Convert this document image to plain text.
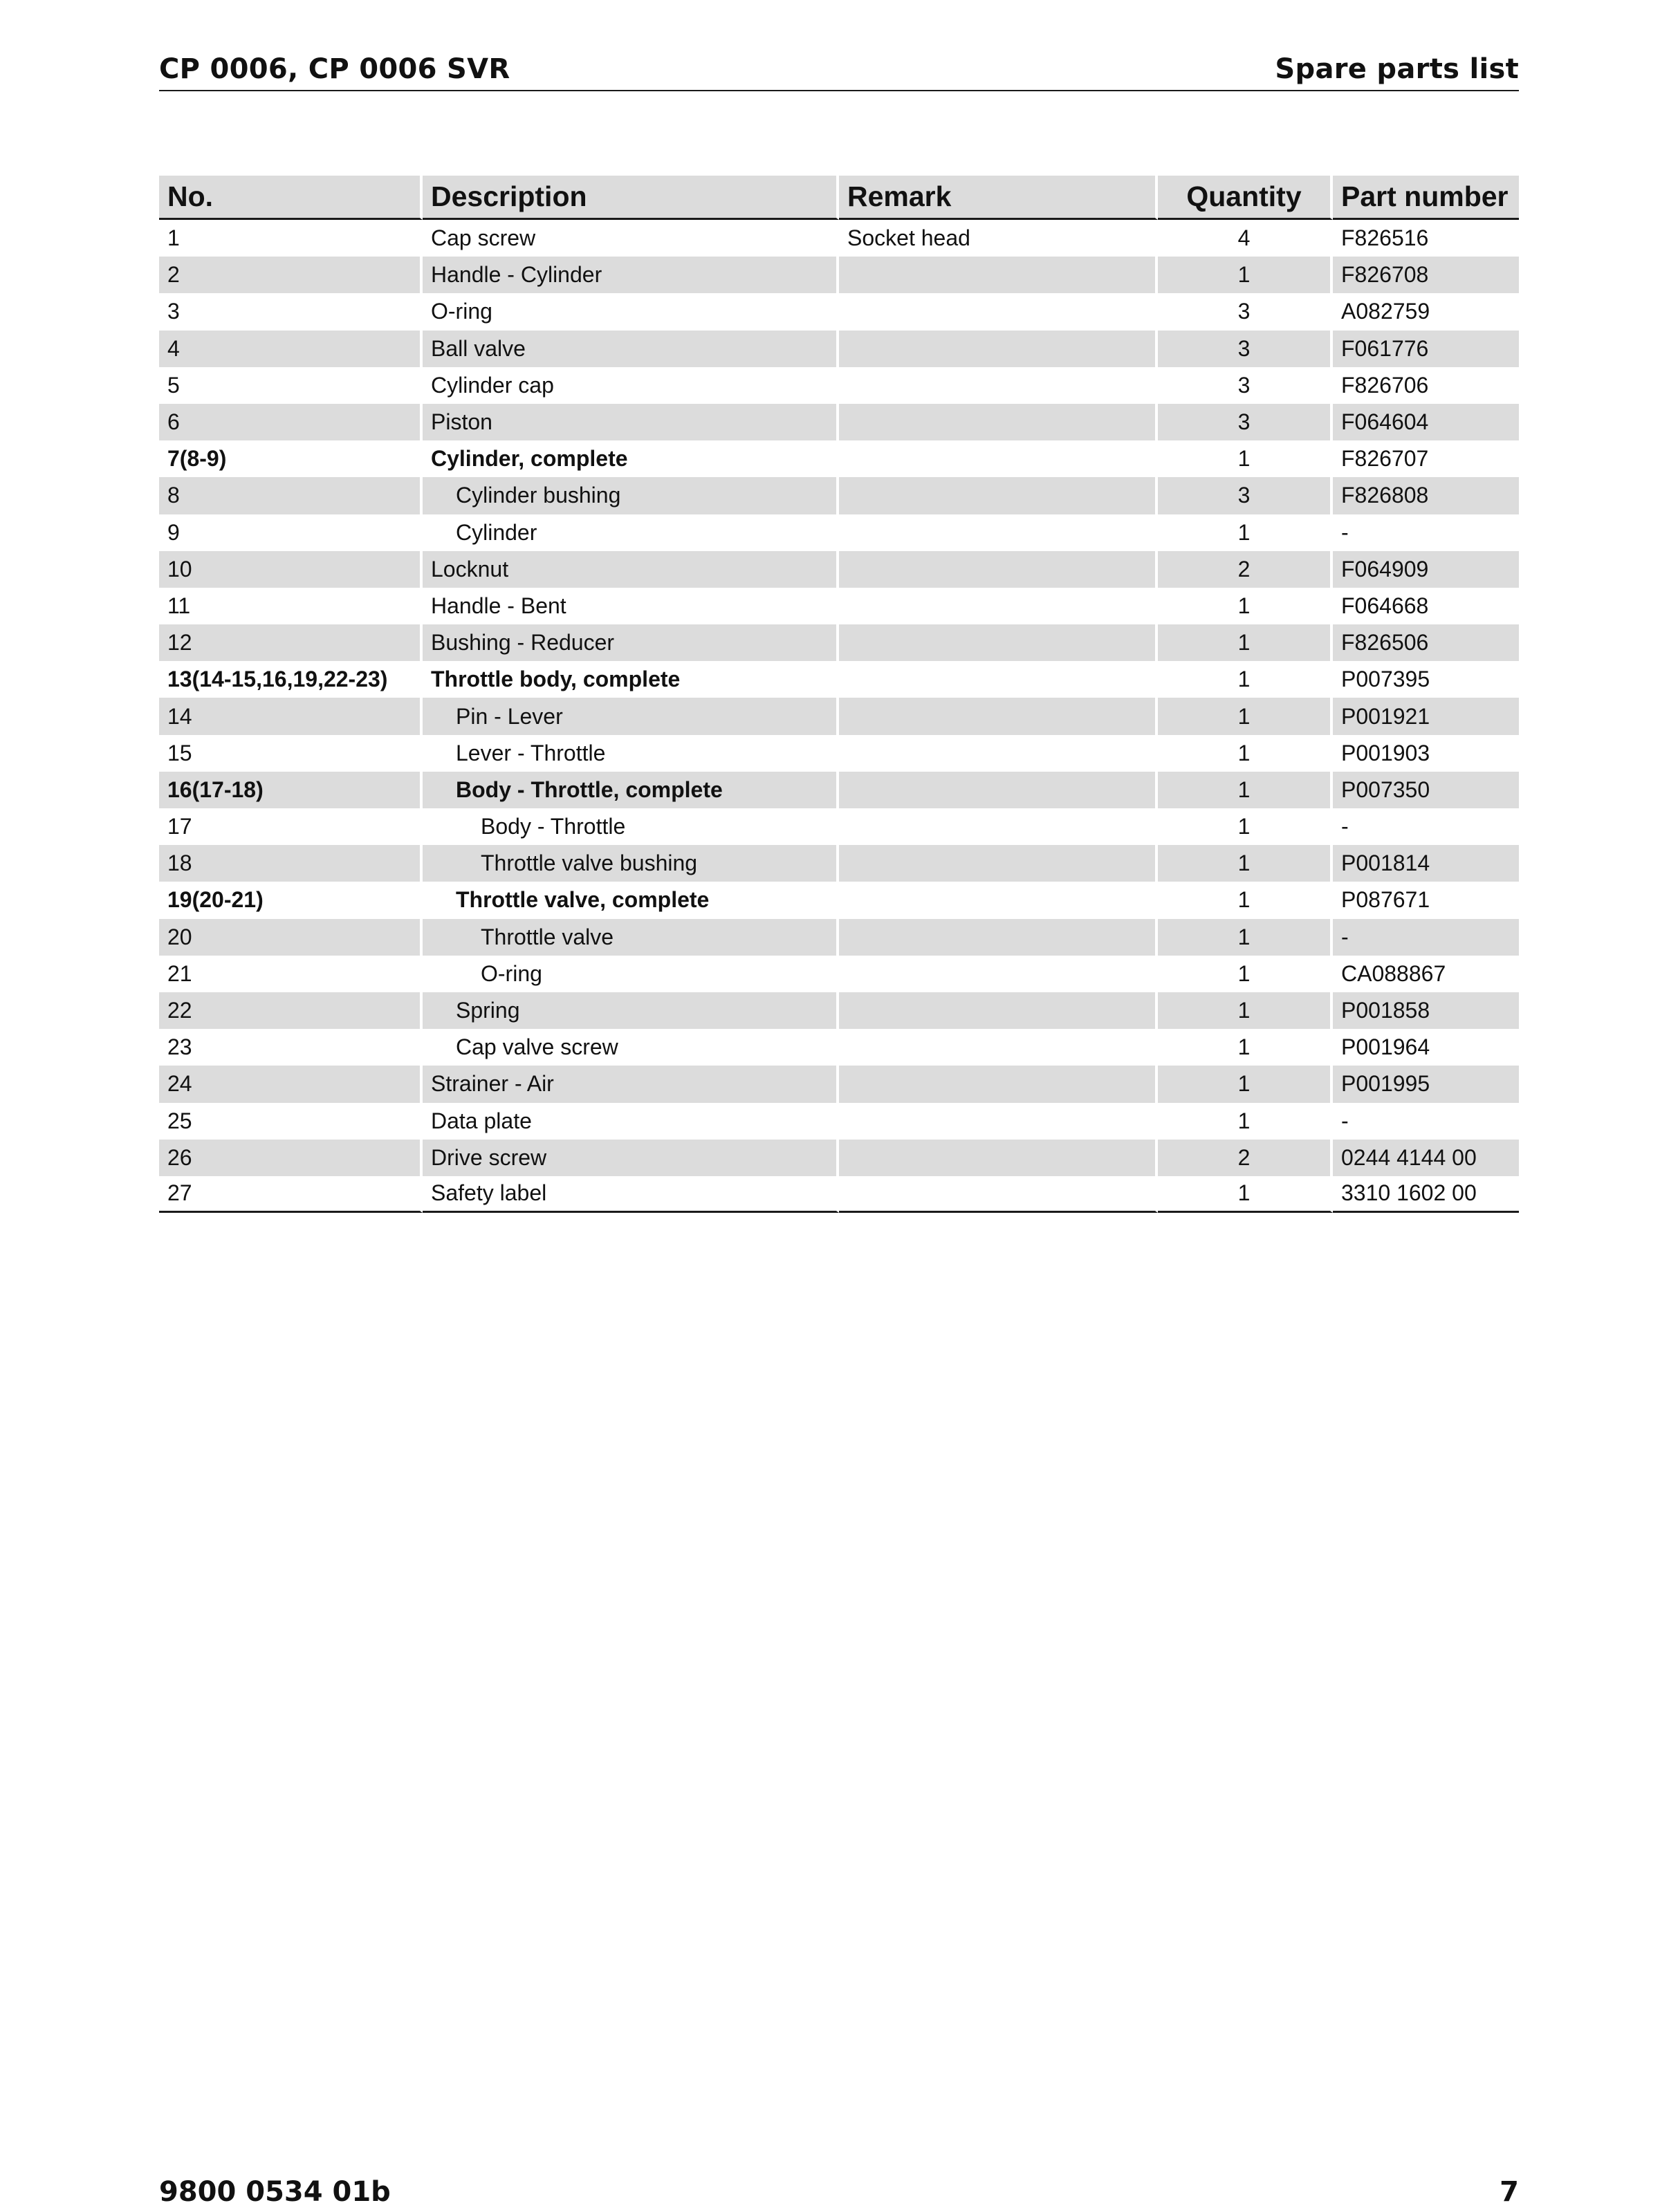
CP 0006, CP 0006 SVR	Spare parts list
No.	Description	Remark	Quantity	Part number
1	Cap screw	Socket head	4	F826516
2	Handle - Cylinder		1	F826708
3	O-ring		3	A082759
4	Ball valve		3	F061776
5	Cylinder cap		3	F826706
6	Piston		3	F064604
7(8-9)	Cylinder, complete		1	F826707
8	Cylinder bushing		3	F826808
9	Cylinder		1	-
10	Locknut		2	F064909
11	Handle - Bent		1	F064668
12	Bushing - Reducer		1	F826506
13(14-15,16,19,22-23)	Throttle body, complete		1	P007395
14	Pin - Lever		1	P001921
15	Lever - Throttle		1	P001903
16(17-18)	Body - Throttle, complete		1	P007350
17	Body - Throttle		1	-
18	Throttle valve bushing		1	P001814
19(20-21)	Throttle valve, complete		1	P087671
20	Throttle valve		1	-
21	O-ring		1	CA088867
22	Spring		1	P001858
23	Cap valve screw		1	P001964
24	Strainer - Air		1	P001995
25	Data plate		1	-
26	Drive screw		2	0244 4144 00
27	Safety label		1	3310 1602 00
9800 0534 01b	7
